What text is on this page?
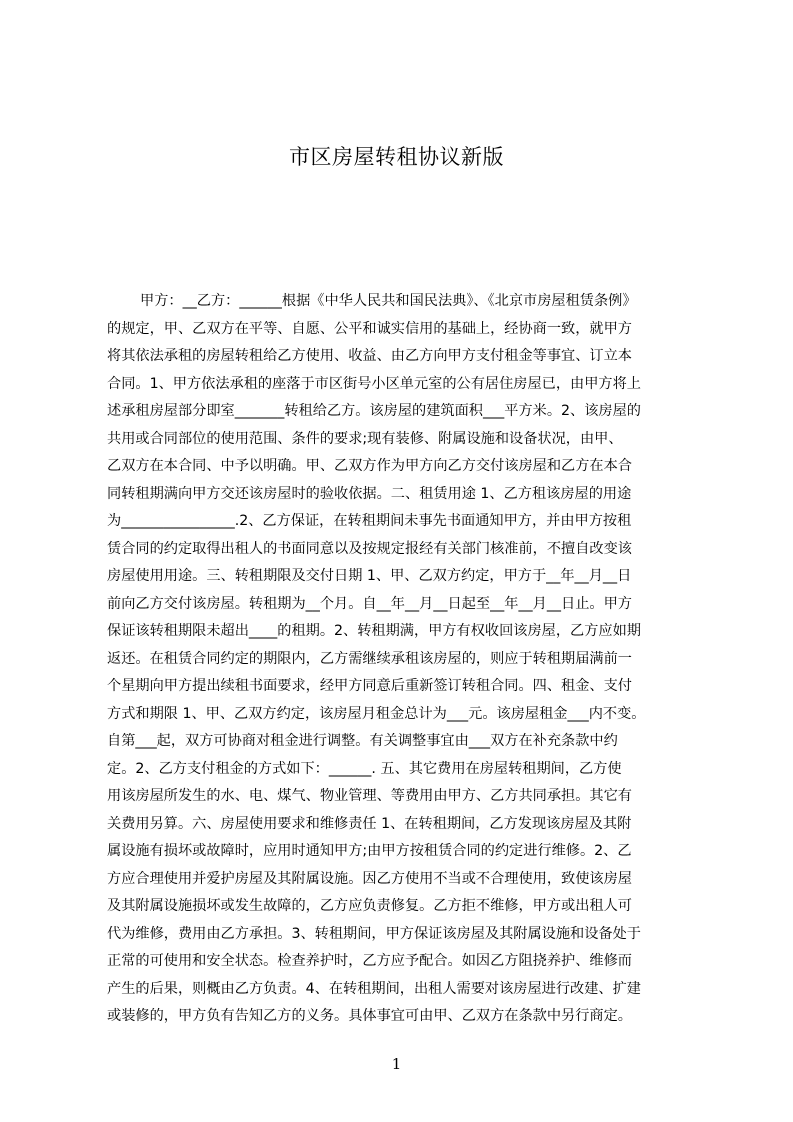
市区房屋转租协议新版
甲方：__乙方：______根据《中华人民共和国民法典》、《北京市房屋租赁条例》
的规定，甲、乙双方在平等、自愿、公平和诚实信用的基础上，经协商一致，就甲方
将其依法承租的房屋转租给乙方使用、收益、由乙方向甲方支付租金等事宜、订立本
合同。1、甲方依法承租的座落于市区街号小区单元室的公有居住房屋已，由甲方将上
述承租房屋部分即室_______转租给乙方。该房屋的建筑面积___平方米。2、该房屋的
共用或合同部位的使用范围、条件的要求;现有装修、附属设施和设备状况，由甲、
乙双方在本合同、中予以明确。甲、乙双方作为甲方向乙方交付该房屋和乙方在本合
同转租期满向甲方交还该房屋时的验收依据。二、租赁用途 1、乙方租该房屋的用途
为________________.2、乙方保证，在转租期间未事先书面通知甲方，并由甲方按租
赁合同的约定取得出租人的书面同意以及按规定报经有关部门核准前，不擅自改变该
房屋使用用途。三、转租期限及交付日期 1、甲、乙双方约定，甲方于__年__月__日
前向乙方交付该房屋。转租期为__个月。自__年__月__日起至__年__月__日止。甲方
保证该转租期限未超出____的租期。2、转租期满，甲方有权收回该房屋，乙方应如期
返还。在租赁合同约定的期限内，乙方需继续承租该房屋的，则应于转租期届满前一
个星期向甲方提出续租书面要求，经甲方同意后重新签订转租合同。四、租金、支付
方式和期限 1、甲、乙双方约定，该房屋月租金总计为___元。该房屋租金___内不变。
自第___起，双方可协商对租金进行调整。有关调整事宜由___双方在补充条款中约
定。2、乙方支付租金的方式如下：______. 五、其它费用在房屋转租期间，乙方使
用该房屋所发生的水、电、煤气、物业管理、等费用由甲方、乙方共同承担。其它有
关费用另算。六、房屋使用要求和维修责任 1、在转租期间，乙方发现该房屋及其附
属设施有损坏或故障时，应用时通知甲方;由甲方按租赁合同的约定进行维修。2、乙
方应合理使用并爱护房屋及其附属设施。因乙方使用不当或不合理使用，致使该房屋
及其附属设施损坏或发生故障的，乙方应负责修复。乙方拒不维修，甲方或出租人可
代为维修，费用由乙方承担。3、转租期间，甲方保证该房屋及其附属设施和设备处于
正常的可使用和安全状态。检查养护时，乙方应予配合。如因乙方阻挠养护、维修而
产生的后果，则概由乙方负责。4、在转租期间，出租人需要对该房屋进行改建、扩建
或装修的，甲方负有告知乙方的义务。具体事宜可由甲、乙双方在条款中另行商定。
1
